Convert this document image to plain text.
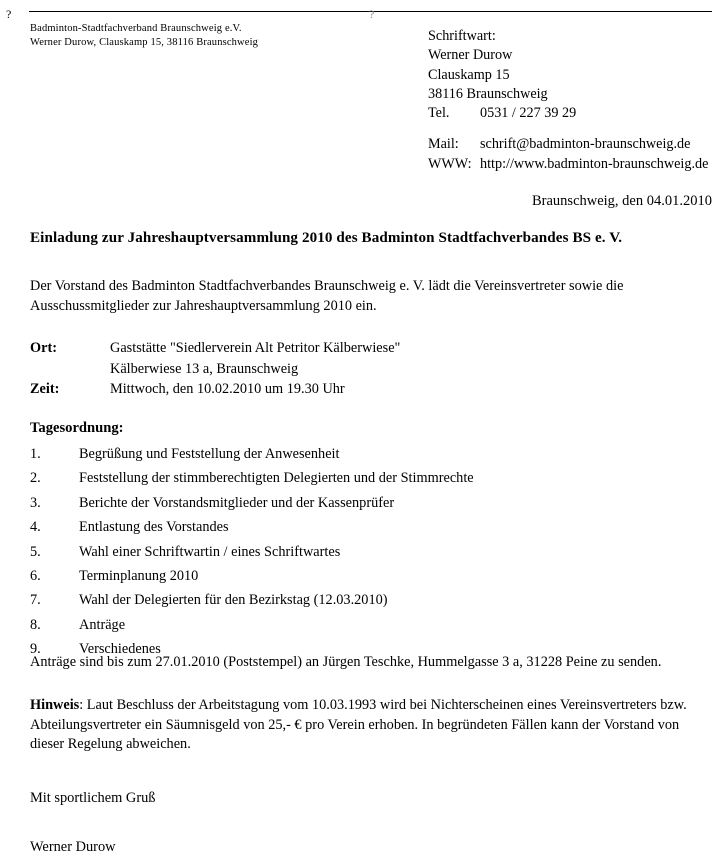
?	?
Badminton-Stadtfachverband Braunschweig e.V.
Werner Durow, Clauskamp 15, 38116 Braunschweig	Schriftwart:
Werner Durow
Clauskamp 15
38116 Braunschweig
Tel. 0531 / 227 39 29
Mail: schrift@badminton-braunschweig.de
WWW: http://www.badminton-braunschweig.de
Braunschweig, den 04.01.2010
Einladung zur Jahreshauptversammlung 2010 des Badminton Stadtfachverbandes BS e. V.
Der Vorstand des Badminton Stadtfachverbandes Braunschweig e. V. lädt die Vereinsvertreter sowie die Ausschussmitglieder zur Jahreshauptversammlung 2010 ein.
Ort:	Gaststätte "Siedlerverein Alt Petritor Kälberwiese"
Kälberwiese 13 a, Braunschweig
Zeit:	Mittwoch, den 10.02.2010 um 19.30 Uhr
Tagesordnung:
1.	Begrüßung und Feststellung der Anwesenheit
2.	Feststellung der stimmberechtigten Delegierten und der Stimmrechte
3.	Berichte der Vorstandsmitglieder und der Kassenprüfer
4.	Entlastung des Vorstandes
5.	Wahl einer Schriftwartin / eines Schriftwartes
6.	Terminplanung 2010
7.	Wahl der Delegierten für den Bezirkstag (12.03.2010)
8.	Anträge
9.	Verschiedenes
Anträge sind bis zum 27.01.2010 (Poststempel) an Jürgen Teschke, Hummelgasse 3 a, 31228 Peine zu senden.
Hinweis: Laut Beschluss der Arbeitstagung vom 10.03.1993 wird bei Nichterscheinen eines Vereinsvertreters bzw. Abteilungsvertreter ein Säumnisgeld von 25,- € pro Verein erhoben. In begründeten Fällen kann der Vorstand von dieser Regelung abweichen.
Mit sportlichem Gruß
Werner Durow
